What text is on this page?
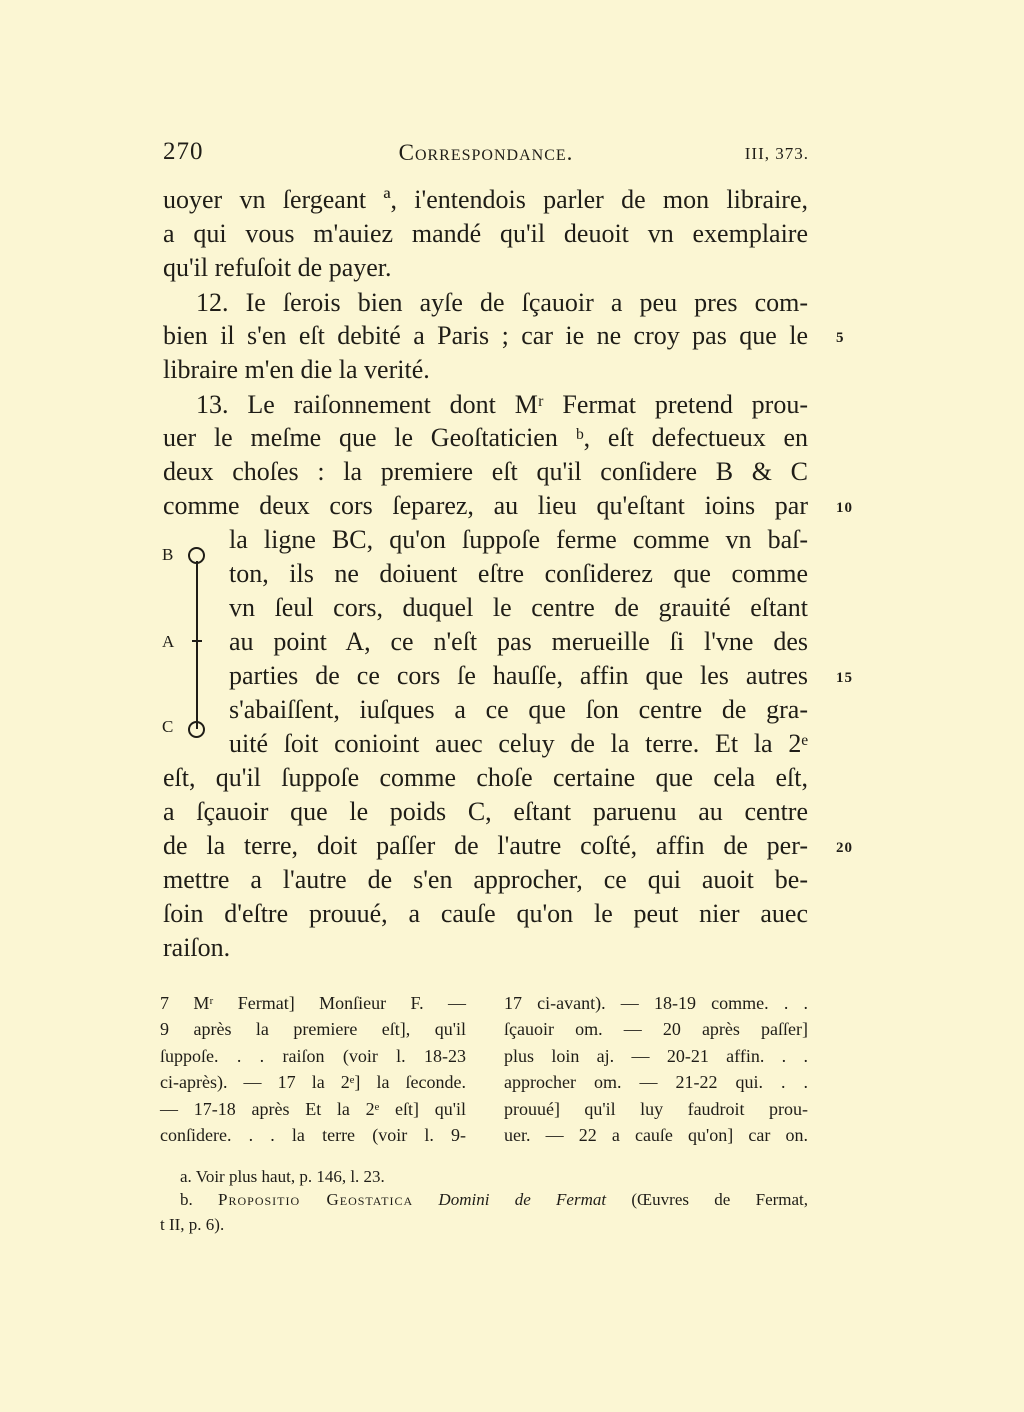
270	Correspondance.	III, 373.
uoyer vn ſergeant ª, i'entendois parler de mon libraire,
a qui vous m'auiez mandé qu'il deuoit vn exemplaire
qu'il refuſoit de payer.
12. Ie ſerois bien ayſe de ſçauoir a peu pres com-
bien il s'en eſt debité a Paris ; car ie ne croy pas que le
libraire m'en die la verité.
13. Le raiſonnement dont Mʳ Fermat pretend prou-
uer le meſme que le Geoſtaticien ᵇ, eſt defectueux en
deux choſes : la premiere eſt qu'il conſidere B & C
comme deux cors ſeparez, au lieu qu'eſtant ioins par
la ligne BC, qu'on ſuppoſe ferme comme vn baſ-
ton, ils ne doiuent eſtre conſiderez que comme
vn ſeul cors, duquel le centre de grauité eſtant
au point A, ce n'eſt pas merueille ſi l'vne des
parties de ce cors ſe hauſſe, affin que les autres
s'abaiſſent, iuſques a ce que ſon centre de gra-
uité ſoit conioint auec celuy de la terre. Et la 2ᵉ
eſt, qu'il ſuppoſe comme choſe certaine que cela eſt,
a ſçauoir que le poids C, eſtant paruenu au centre
de la terre, doit paſſer de l'autre coſté, affin de per-
mettre a l'autre de s'en approcher, ce qui auoit be-
ſoin d'eſtre prouué, a cauſe qu'on le peut nier auec
raiſon.
5
10
15
20
B
A
C
7 Mʳ Fermat] Monſieur F. —
9 après la premiere eſt], qu'il
ſuppoſe. . . raiſon (voir l. 18-23
ci-après). — 17 la 2ᵉ] la ſeconde.
— 17-18 après Et la 2ᵉ eſt] qu'il
conſidere. . . la terre (voir l. 9-
17 ci-avant). — 18-19 comme. . .
ſçauoir om. — 20 après paſſer]
plus loin aj. — 20-21 affin. . .
approcher om. — 21-22 qui. . .
prouué] qu'il luy faudroit prou-
uer. — 22 a cauſe qu'on] car on.
a. Voir plus haut, p. 146, l. 23.
b. Propositio Geostatica Domini de Fermat (Œuvres de Fermat,
t II, p. 6).
